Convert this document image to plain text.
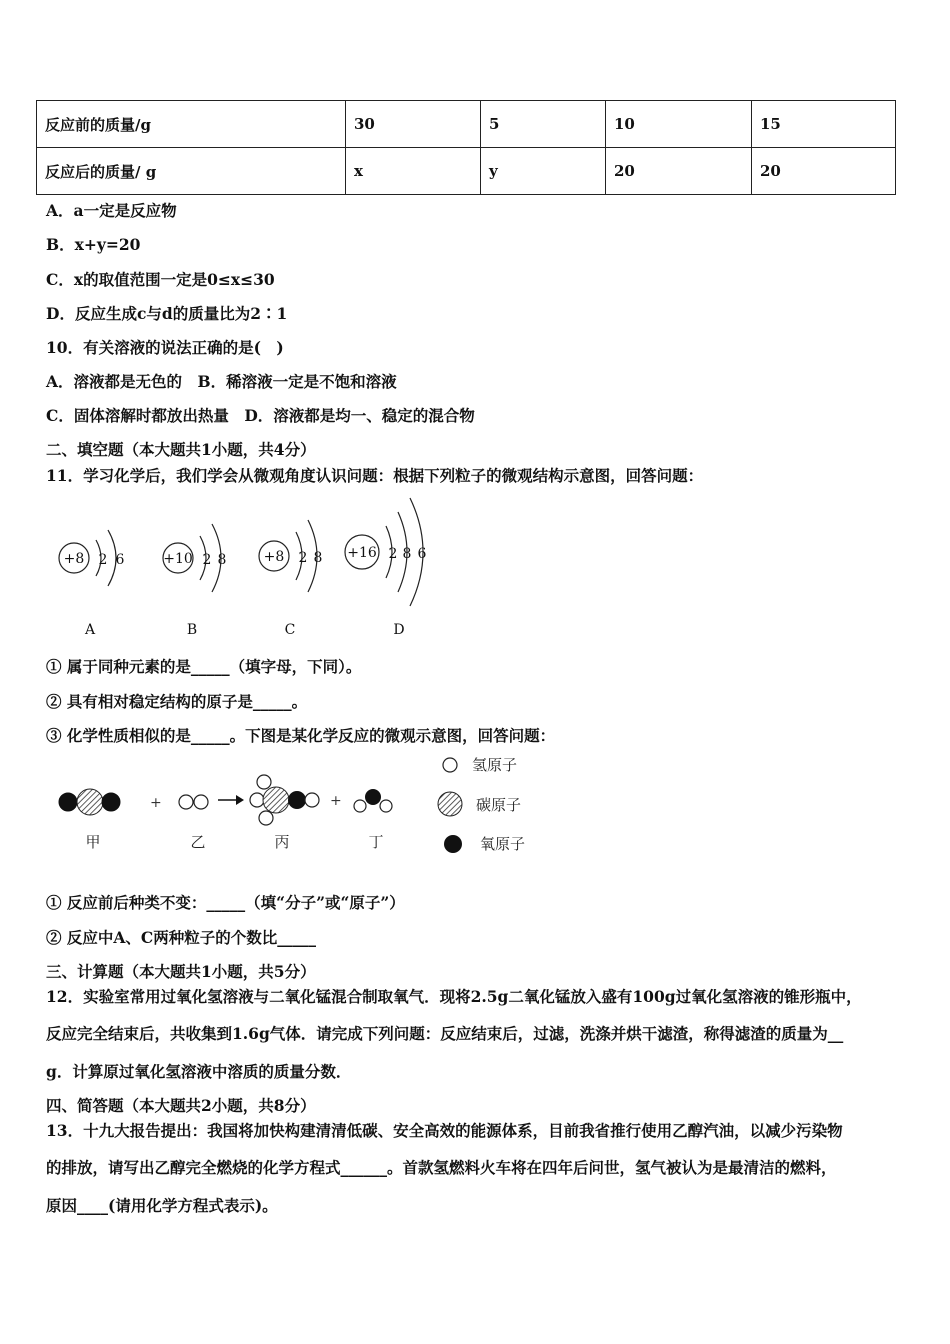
反应前的质量/g	30	5	10	15
反应后的质量/ g	x	y	20	20
A．a一定是反应物
B．x+y=20
C．x的取值范围一定是0≤x≤30
D．反应生成c与d的质量比为2∶1
10．有关溶液的说法正确的是(　)
A．溶液都是无色的　B．稀溶液一定是不饱和溶液
C．固体溶解时都放出热量　D．溶液都是均一、稳定的混合物
二、填空题（本大题共1小题，共4分）
11．学习化学后，我们学会从微观角度认识问题：根据下列粒子的微观结构示意图，回答问题：
+8 2 6
A
+10 2 8
B
+8 2 8
C
+16 2 8 6
D
① 属于同种元素的是_____（填字母，下同）。
② 具有相对稳定结构的原子是_____。
③ 化学性质相似的是_____。下图是某化学反应的微观示意图，回答问题：
+	+
氢原子
碳原子
氧原子
甲	乙	丙	丁
① 反应前后种类不变：_____（填“分子”或“原子”）
② 反应中A、C两种粒子的个数比_____
三、计算题（本大题共1小题，共5分）
12．实验室常用过氧化氢溶液与二氧化锰混合制取氧气．现将2.5g二氧化锰放入盛有100g过氧化氢溶液的锥形瓶中，
反应完全结束后，共收集到1.6g气体．请完成下列问题：反应结束后，过滤，洗涤并烘干滤渣，称得滤渣的质量为__
g．计算原过氧化氢溶液中溶质的质量分数．
四、简答题（本大题共2小题，共8分）
13．十九大报告提出：我国将加快构建清清低碳、安全高效的能源体系，目前我省推行使用乙醇汽油，以减少污染物
的排放，请写出乙醇完全燃烧的化学方程式______。首款氢燃料火车将在四年后问世，氢气被认为是最清洁的燃料，
原因____(请用化学方程式表示)。
